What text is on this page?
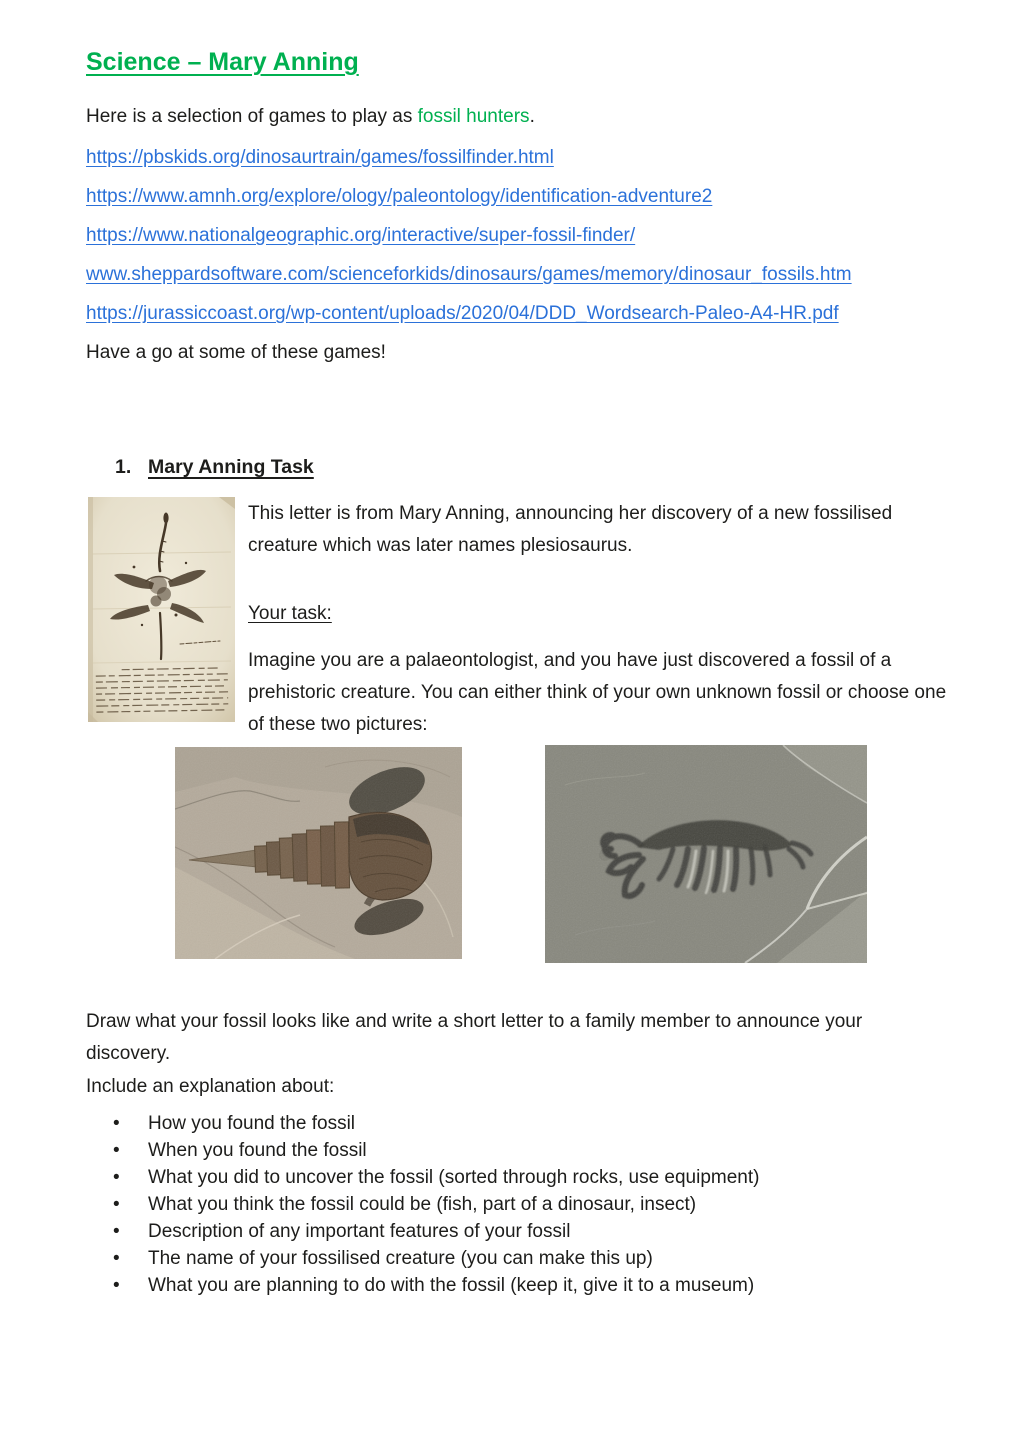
Science – Mary Anning
Here is a selection of games to play as fossil hunters.
https://pbskids.org/dinosaurtrain/games/fossilfinder.html
https://www.amnh.org/explore/ology/paleontology/identification-adventure2
https://www.nationalgeographic.org/interactive/super-fossil-finder/
www.sheppardsoftware.com/scienceforkids/dinosaurs/games/memory/dinosaur_fossils.htm
https://jurassiccoast.org/wp-content/uploads/2020/04/DDD_Wordsearch-Paleo-A4-HR.pdf
Have a go at some of these games!
1. Mary Anning Task
This letter is from Mary Anning, announcing her discovery of a new fossilised creature which was later names plesiosaurus.
Your task:
Imagine you are a palaeontologist, and you have just discovered a fossil of a prehistoric creature. You can either think of your own unknown fossil or choose one of these two pictures:
Draw what your fossil looks like and write a short letter to a family member to announce your discovery.
Include an explanation about:
• How you found the fossil
• When you found the fossil
• What you did to uncover the fossil (sorted through rocks, use equipment)
• What you think the fossil could be (fish, part of a dinosaur, insect)
• Description of any important features of your fossil
• The name of your fossilised creature (you can make this up)
• What you are planning to do with the fossil (keep it, give it to a museum)
